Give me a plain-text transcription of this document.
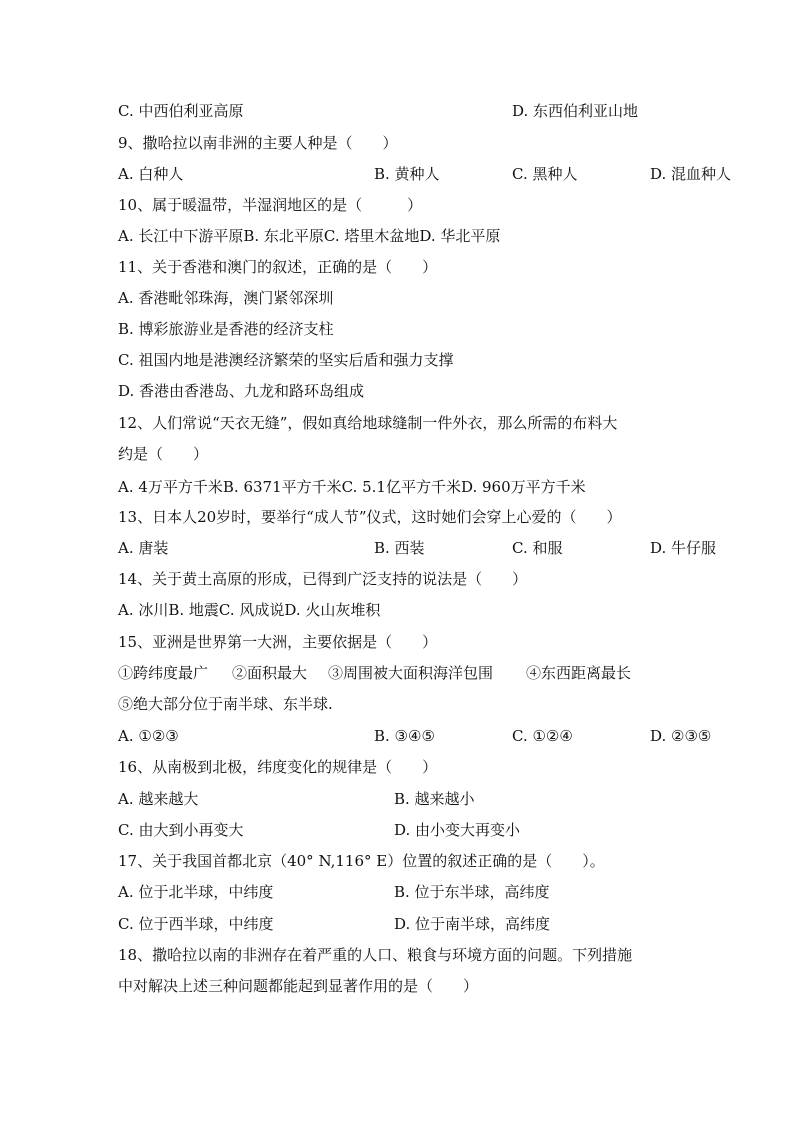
C. 中西伯利亚高原	D. 东西伯利亚山地
9、撒哈拉以南非洲的主要人种是（　　）
A. 白种人	B. 黄种人	C. 黑种人	D. 混血种人
10、属于暖温带，半湿润地区的是（　　　）
A. 长江中下游平原B. 东北平原C. 塔里木盆地D. 华北平原
11、关于香港和澳门的叙述，正确的是（　　）
A. 香港毗邻珠海，澳门紧邻深圳
B. 博彩旅游业是香港的经济支柱
C. 祖国内地是港澳经济繁荣的坚实后盾和强力支撑
D. 香港由香港岛、九龙和路环岛组成
12、人们常说“天衣无缝”，假如真给地球缝制一件外衣，那么所需的布料大
约是（　　）
A. 4万平方千米B. 6371平方千米C. 5.1亿平方千米D. 960万平方千米
13、日本人20岁时，要举行“成人节”仪式，这时她们会穿上心爱的（　　）
A. 唐装	B. 西装	C. 和服	D. 牛仔服
14、关于黄土高原的形成，已得到广泛支持的说法是（　　）
A. 冰川B. 地震C. 风成说D. 火山灰堆积
15、亚洲是世界第一大洲，主要依据是（　　）
①跨纬度最广 ②面积最大 ③周围被大面积海洋包围 ④东西距离最长
⑤绝大部分位于南半球、东半球.
A. ①②③	B. ③④⑤	C. ①②④	D. ②③⑤
16、从南极到北极，纬度变化的规律是（　　）
A. 越来越大	B. 越来越小
C. 由大到小再变大	D. 由小变大再变小
17、关于我国首都北京（40° N,116° E）位置的叙述正确的是（　　）。
A. 位于北半球，中纬度	B. 位于东半球，高纬度
C. 位于西半球，中纬度	D. 位于南半球，高纬度
18、撒哈拉以南的非洲存在着严重的人口、粮食与环境方面的问题。下列措施
中对解决上述三种问题都能起到显著作用的是（　　）
